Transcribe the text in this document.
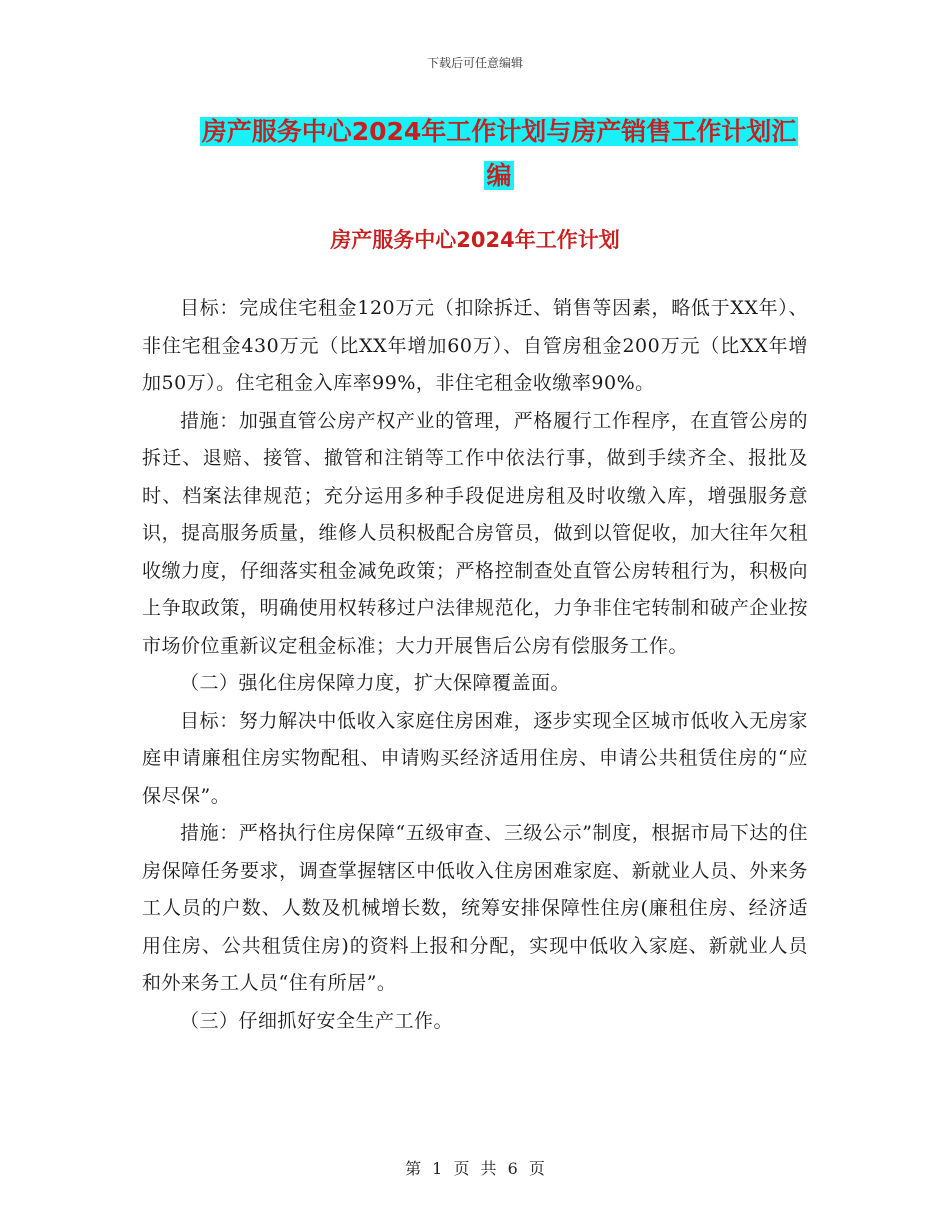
下载后可任意编辑
房产服务中心2024年工作计划与房产销售工作计划汇
编
房产服务中心2024年工作计划

目标：完成住宅租金120万元（扣除拆迁、销售等因素，略低于XX年）、非住宅租金430万元（比XX年增加60万）、自管房租金200万元（比XX年增加50万）。住宅租金入库率99%，非住宅租金收缴率90%。

措施：加强直管公房产权产业的管理，严格履行工作程序，在直管公房的拆迁、退赔、接管、撤管和注销等工作中依法行事，做到手续齐全、报批及时、档案法律规范；充分运用多种手段促进房租及时收缴入库，增强服务意识，提高服务质量，维修人员积极配合房管员，做到以管促收，加大往年欠租收缴力度，仔细落实租金减免政策；严格控制查处直管公房转租行为，积极向上争取政策，明确使用权转移过户法律规范化，力争非住宅转制和破产企业按市场价位重新议定租金标准；大力开展售后公房有偿服务工作。

（二）强化住房保障力度，扩大保障覆盖面。

目标：努力解决中低收入家庭住房困难，逐步实现全区城市低收入无房家庭申请廉租住房实物配租、申请购买经济适用住房、申请公共租赁住房的“应保尽保”。

措施：严格执行住房保障“五级审查、三级公示”制度，根据市局下达的住房保障任务要求，调查掌握辖区中低收入住房困难家庭、新就业人员、外来务工人员的户数、人数及机械增长数，统筹安排保障性住房(廉租住房、经济适用住房、公共租赁住房)的资料上报和分配，实现中低收入家庭、新就业人员和外来务工人员“住有所居”。

（三）仔细抓好安全生产工作。

第 1 页 共 6 页
